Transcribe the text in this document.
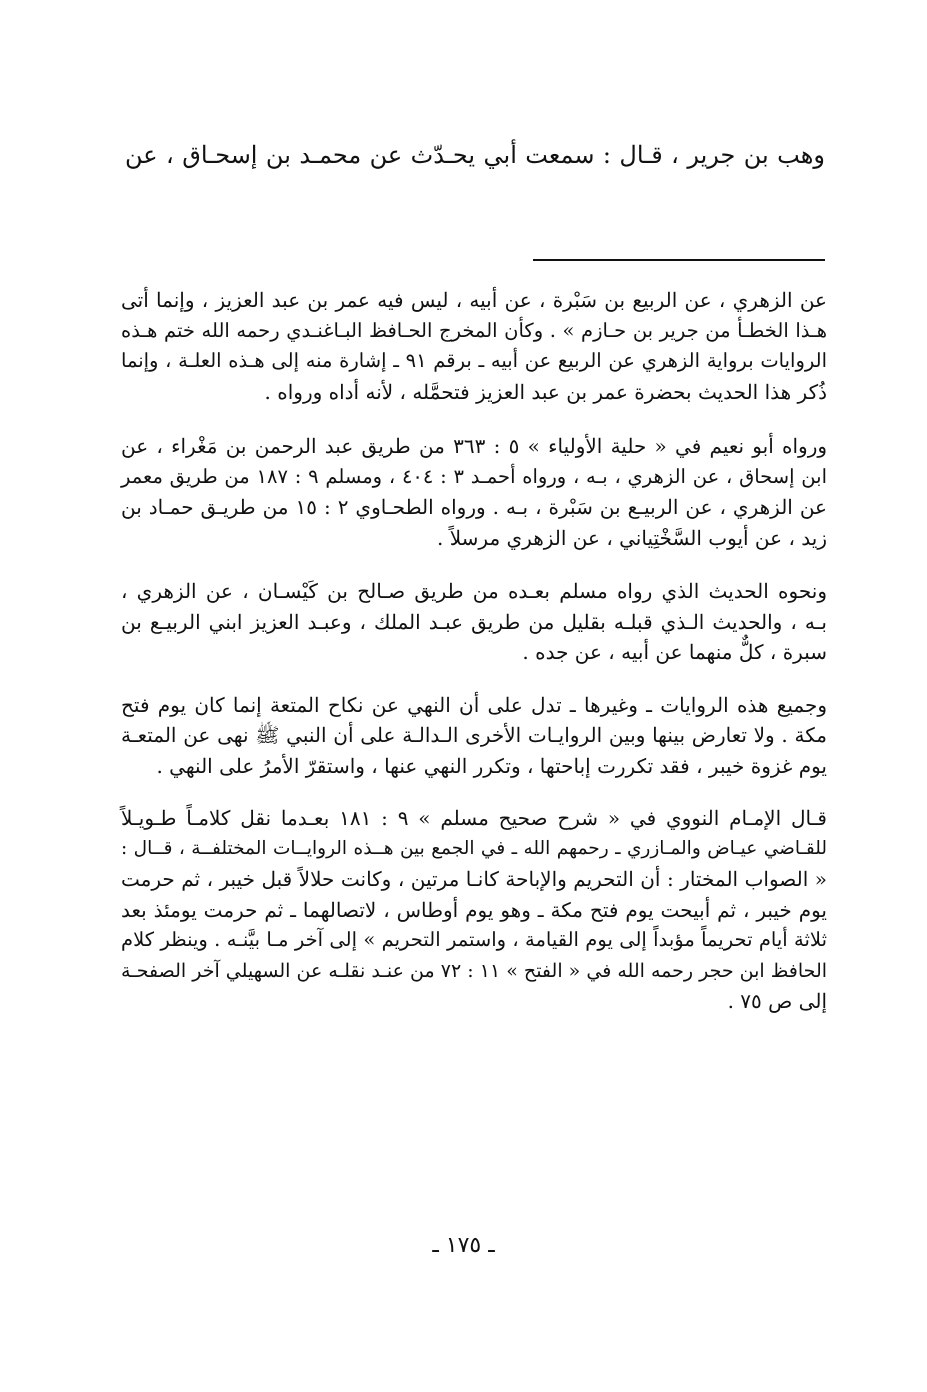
وهب بن جرير ، قـال : سمعت أبي يحـدّث عن محمـد بن إسحـاق ، عن

عن الزهري ، عن الربيع بن سَبْرة ، عن أبيه ، ليس فيه عمر بن عبد العزيز ، وإنما أتى
هـذا الخطـأ من جرير بن حـازم » . وكأن المخرج الحـافظ البـاغنـدي رحمه الله ختم هـذه
الروايات برواية الزهري عن الربيع عن أبيه ـ برقم ٩١ ـ إشارة منه إلى هـذه العلـة ، وإنما
ذُكر هذا الحديث بحضرة عمر بن عبد العزيز فتحمَّله ، لأنه أداه ورواه .

ورواه أبو نعيم في « حلية الأولياء » ٥ : ٣٦٣ من طريق عبد الرحمن بن مَغْراء ، عن
ابن إسحاق ، عن الزهري ، بـه ، ورواه أحمـد ٣ : ٤٠٤ ، ومسلم ٩ : ١٨٧ من طريق معمر
عن الزهري ، عن الربيـع بن سَبْرة ، بـه . ورواه الطحـاوي ٢ : ١٥ من طريـق حمـاد بن
زيد ، عن أيوب السَّخْتِياني ، عن الزهري مرسلاً .

ونحوه الحديث الذي رواه مسلم بعـده من طريق صـالح بن كَيْسـان ، عن الزهري ،
بـه ، والحديث الـذي قبلـه بقليل من طريق عبـد الملك ، وعبـد العزيز ابني الربيـع بن
سبرة ، كلٌّ منهما عن أبيه ، عن جده .

وجميع هذه الروايات ـ وغيرها ـ تدل على أن النهي عن نكاح المتعة إنما كان يوم فتح
مكة . ولا تعارض بينها وبين الروايـات الأخرى الـدالـة على أن النبي ﷺ نهى عن المتعـة
يوم غزوة خيبر ، فقد تكررت إباحتها ، وتكرر النهي عنها ، واستقرّ الأمرُ على النهي .

قـال الإمـام النووي في « شرح صحيح مسلم » ٩ : ١٨١ بعـدما نقل كلامـاً طـويـلاً
للقـاضي عيـاض والمـازري ـ رحمهم الله ـ في الجمع بين هــذه الروايــات المختلفــة ، قــال :
« الصواب المختار : أن التحريم والإباحة كانـا مرتين ، وكانت حلالاً قبل خيبر ، ثم حرمت
يوم خيبر ، ثم أبيحت يوم فتح مكة ـ وهو يوم أوطاس ، لاتصالهما ـ ثم حرمت يومئذ بعد
ثلاثة أيام تحريماً مؤبداً إلى يوم القيامة ، واستمر التحريم » إلى آخر مـا بيَّنـه . وينظر كلام
الحافظ ابن حجر رحمه الله في « الفتح » ١١ : ٧٢ من عنـد نقلـه عن السهيلي آخر الصفحـة
إلى ص ٧٥ .

ـ ١٧٥ ـ
